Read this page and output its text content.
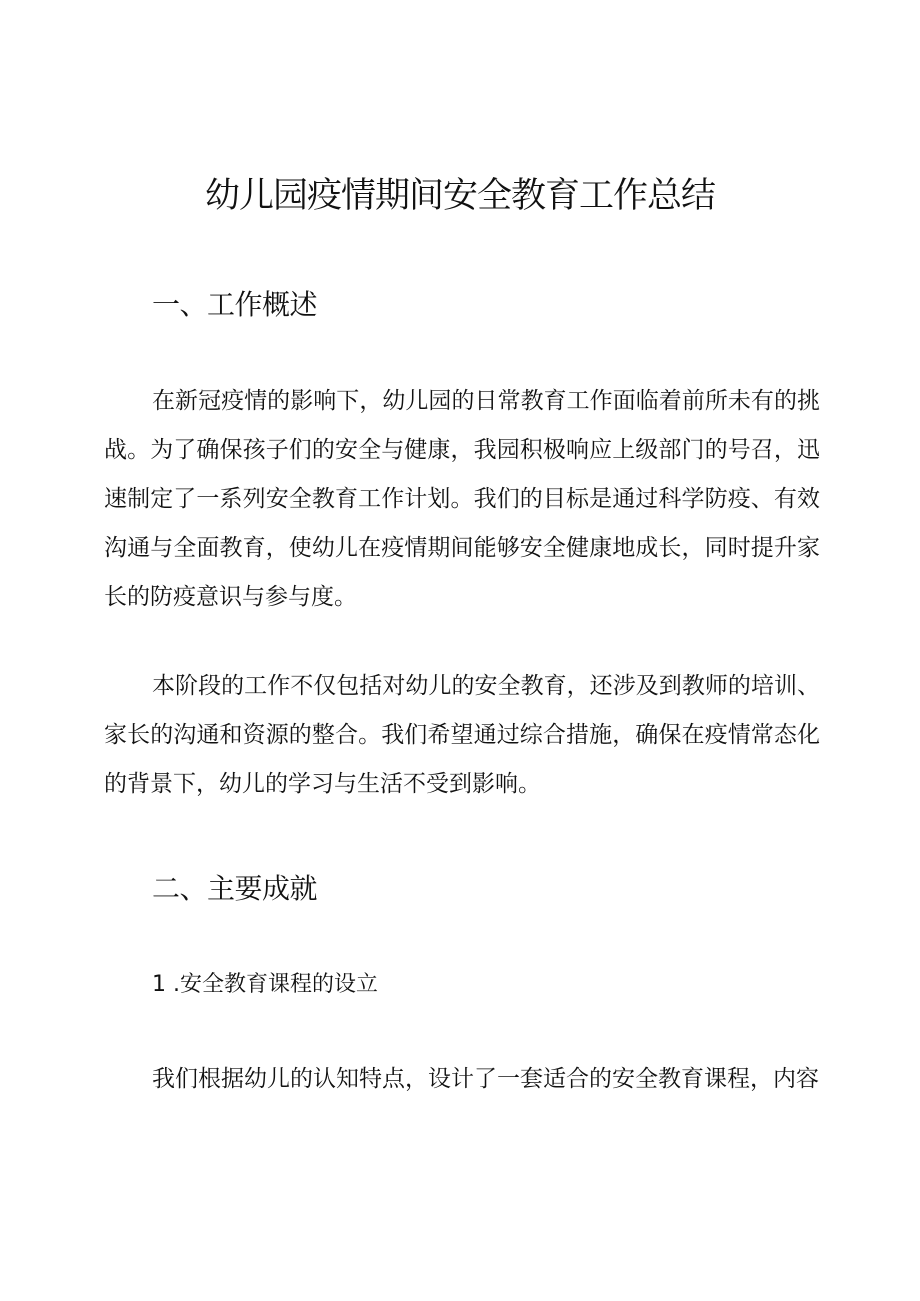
幼儿园疫情期间安全教育工作总结
一、工作概述

在新冠疫情的影响下，幼儿园的日常教育工作面临着前所未有的挑战。为了确保孩子们的安全与健康，我园积极响应上级部门的号召，迅速制定了一系列安全教育工作计划。我们的目标是通过科学防疫、有效沟通与全面教育，使幼儿在疫情期间能够安全健康地成长，同时提升家长的防疫意识与参与度。

本阶段的工作不仅包括对幼儿的安全教育，还涉及到教师的培训、家长的沟通和资源的整合。我们希望通过综合措施，确保在疫情常态化的背景下，幼儿的学习与生活不受到影响。

二、主要成就
1 .安全教育课程的设立

我们根据幼儿的认知特点，设计了一套适合的安全教育课程，内容
